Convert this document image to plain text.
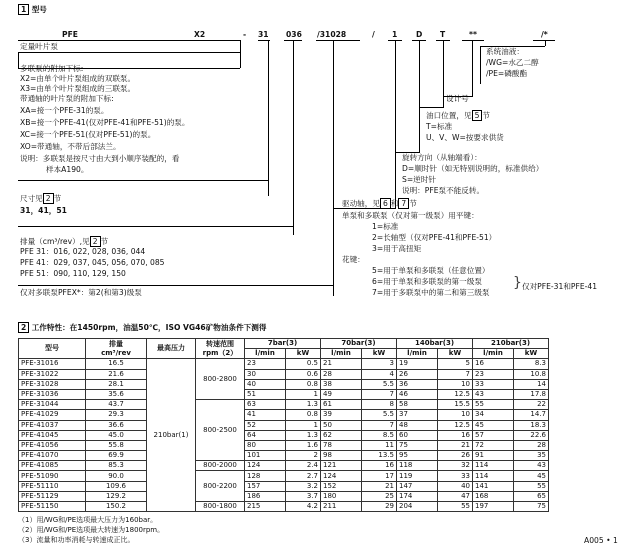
1 型号
PFE	X2	- 31 036 /31028	/ 1 D T	**	/*
定量叶片泵
多联泵的附加下标:
X2=由单个叶片泵组成的双联泵。
X3=由单个叶片泵组成的三联泵。
带通轴的叶片泵的附加下标:
XA=接一个PFE-31的泵。
XB=接一个PFE-41(仅对PFE-41和PFE-51)的泵。
XC=接一个PFE-51(仅对PFE-51)的泵。
XO=带通轴，不带后部法兰。
说明：多联泵是按尺寸由大到小顺序装配的，看
样本A190。
尺寸见 2 节
31，41，51
排量（cm³/rev）,见 2 节
PFE 31：016, 022, 028, 036, 044
PFE 41：029, 037, 045, 056, 070, 085
PFE 51：090, 110, 129, 150
仅对多联泵PFEX*：第2(和第3)级泵
系统油液：
/WG=水乙二醇
/PE=磷酸酯
设计号
油口位置，见 5 节
T=标准
U、V、W=按要求供货
旋转方向（从轴端看）：
D=顺时针（如无特别说明的，标准供给）
S=逆时针
说明：PFE泵不能反转。
驱动轴，见 6 和 7 节
单泵和多联泵（仅对第一级泵）用平键：
1=标准
2=长轴型（仅对PFE-41和PFE-51）
3=用于高扭矩
花键：
5=用于单泵和多联泵（任意位置）
6=用于单泵和多联泵的第一级泵
7=用于多联泵中的第二和第三级泵
} 仅对PFE-31和PFE-41
2 工作特性：在1450rpm，油温50℃，ISO VG46矿物油条件下测得
型号	排量
cm³/rev	最高压力	转速范围
rpm（2）	7bar(3)		70bar(3)		140bar(3)		210bar(3)	
				l/min	kW	l/min	kW	l/min	kW	l/min	kW
PFE-31016	16.5	210bar(1)	800-2800	23	0.5	21	3	19	5	16	8.3
PFE-31022	21.6			30	0.6	28	4	26	7	23	10.8
PFE-31028	28.1			40	0.8	38	5.5	36	10	33	14
PFE-31036	35.6			51	1	49	7	46	12.5	43	17.8
PFE-31044	43.7		800-2500	63	1.3	61	8	58	15.5	55	22
PFE-41029	29.3			41	0.8	39	5.5	37	10	34	14.7
PFE-41037	36.6			52	1	50	7	48	12.5	45	18.3
PFE-41045	45.0			64	1.3	62	8.5	60	16	57	22.6
PFE-41056	55.8			80	1.6	78	11	75	21	72	28
PFE-41070	69.9			101	2	98	13.5	95	26	91	35
PFE-41085	85.3		800-2000	124	2.4	121	16	118	32	114	43
PFE-51090	90.0		800-2200	128	2.7	124	17	119	33	114	45
PFE-51110	109.6			157	3.2	152	21	147	40	141	55
PFE-51129	129.2			186	3.7	180	25	174	47	168	65
PFE-51150	150.2		800-1800	215	4.2	211	29	204	55	197	75
（1）用/WG和/PE选项最大压力为160bar。
（2）用/WG和/PE选项最大转速为1800rpm。
（3）流量和功率消耗与转速成正比。	A005 • 1
